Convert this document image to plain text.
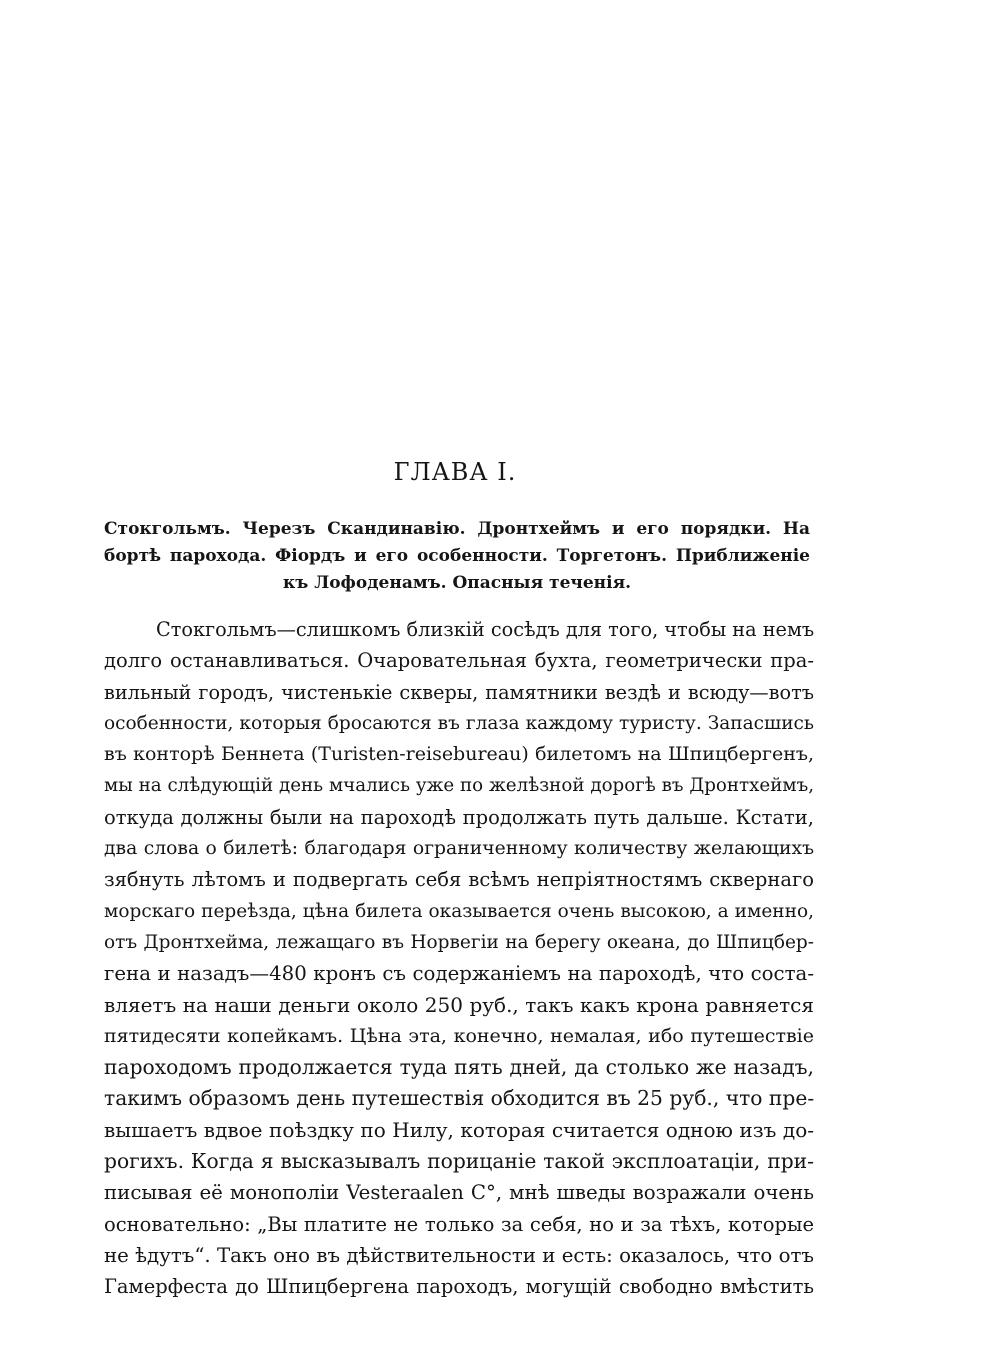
ГЛАВА I.

Стокгольмъ. Черезъ Скандинавію. Дронтхеймъ и его порядки. На бортѣ парохода. Фіордъ и его особенности. Торгетонъ. Приближеніе къ Лофоденамъ. Опасныя теченія.

Стокгольмъ—слишкомъ близкій сосѣдъ для того, чтобы на немъ
долго останавливаться. Очаровательная бухта, геометрически пра-
вильный городъ, чистенькіе скверы, памятники вездѣ и всюду—вотъ
особенности, которыя бросаются въ глаза каждому туристу. Запасшись
въ конторѣ Беннета (Turisten-reisebureau) билетомъ на Шпицбергенъ,
мы на слѣдующій день мчались уже по желѣзной дорогѣ въ Дронтхеймъ,
откуда должны были на пароходѣ продолжать путь дальше. Кстати,
два слова о билетѣ: благодаря ограниченному количеству желающихъ
зябнуть лѣтомъ и подвергать себя всѣмъ непріятностямъ сквернаго
морскаго переѣзда, цѣна билета оказывается очень высокою, а именно,
отъ Дронтхейма, лежащаго въ Норвегіи на берегу океана, до Шпицбер-
гена и назадъ—480 кронъ съ содержаніемъ на пароходѣ, что соста-
вляетъ на наши деньги около 250 руб., такъ какъ крона равняется
пятидесяти копейкамъ. Цѣна эта, конечно, немалая, ибо путешествіе
пароходомъ продолжается туда пять дней, да столько же назадъ,
такимъ образомъ день путешествія обходится въ 25 руб., что пре-
вышаетъ вдвое поѣздку по Нилу, которая считается одною изъ до-
рогихъ. Когда я высказывалъ порицаніе такой эксплоатаціи, при-
писывая её монополіи Vesteraalen C°, мнѣ шведы возражали очень
основательно: „Вы платите не только за себя, но и за тѣхъ, которые
не ѣдутъ“. Такъ оно въ дѣйствительности и есть: оказалось, что отъ
Гамерфеста до Шпицбергена пароходъ, могущій свободно вмѣстить
